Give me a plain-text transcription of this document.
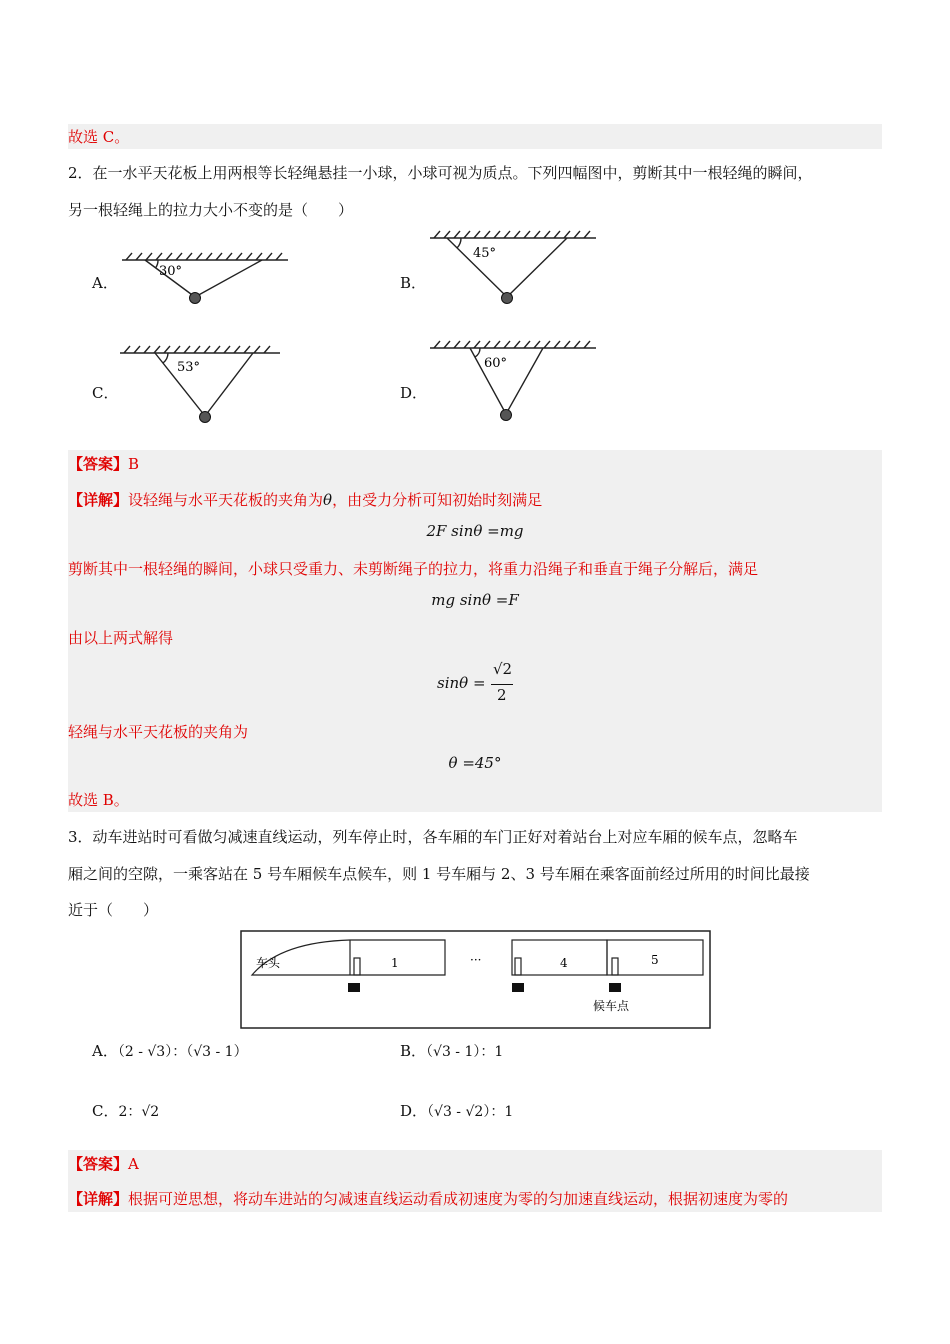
故选 C。
2．在一水平天花板上用两根等长轻绳悬挂一小球，小球可视为质点。下列四幅图中，剪断其中一根轻绳的瞬间，
另一根轻绳上的拉力大小不变的是（　　）
A．	B．
C．	D．
30°
45°
53°	60°
【答案】B
【详解】设轻绳与水平天花板的夹角为θ，由受力分析可知初始时刻满足
2F sinθ =mg
剪断其中一根轻绳的瞬间，小球只受重力、未剪断绳子的拉力，将重力沿绳子和垂直于绳子分解后，满足
mg sinθ =F
由以上两式解得
sinθ =
√2
2
轻绳与水平天花板的夹角为
θ =45°
故选 B。
3．动车进站时可看做匀减速直线运动，列车停止时，各车厢的车门正好对着站台上对应车厢的候车点，忽略车
厢之间的空隙，一乘客站在 5 号车厢候车点候车，则 1 号车厢与 2、3 号车厢在乘客面前经过所用的时间比最接
近于（　　）
车头	1	···	4	5
候车点
A．（2 - √3）：（√3 - 1）	B．（√3 - 1）：1
C．2：√2	D．（√3 - √2）：1
【答案】A
【详解】根据可逆思想，将动车进站的匀减速直线运动看成初速度为零的匀加速直线运动，根据初速度为零的
